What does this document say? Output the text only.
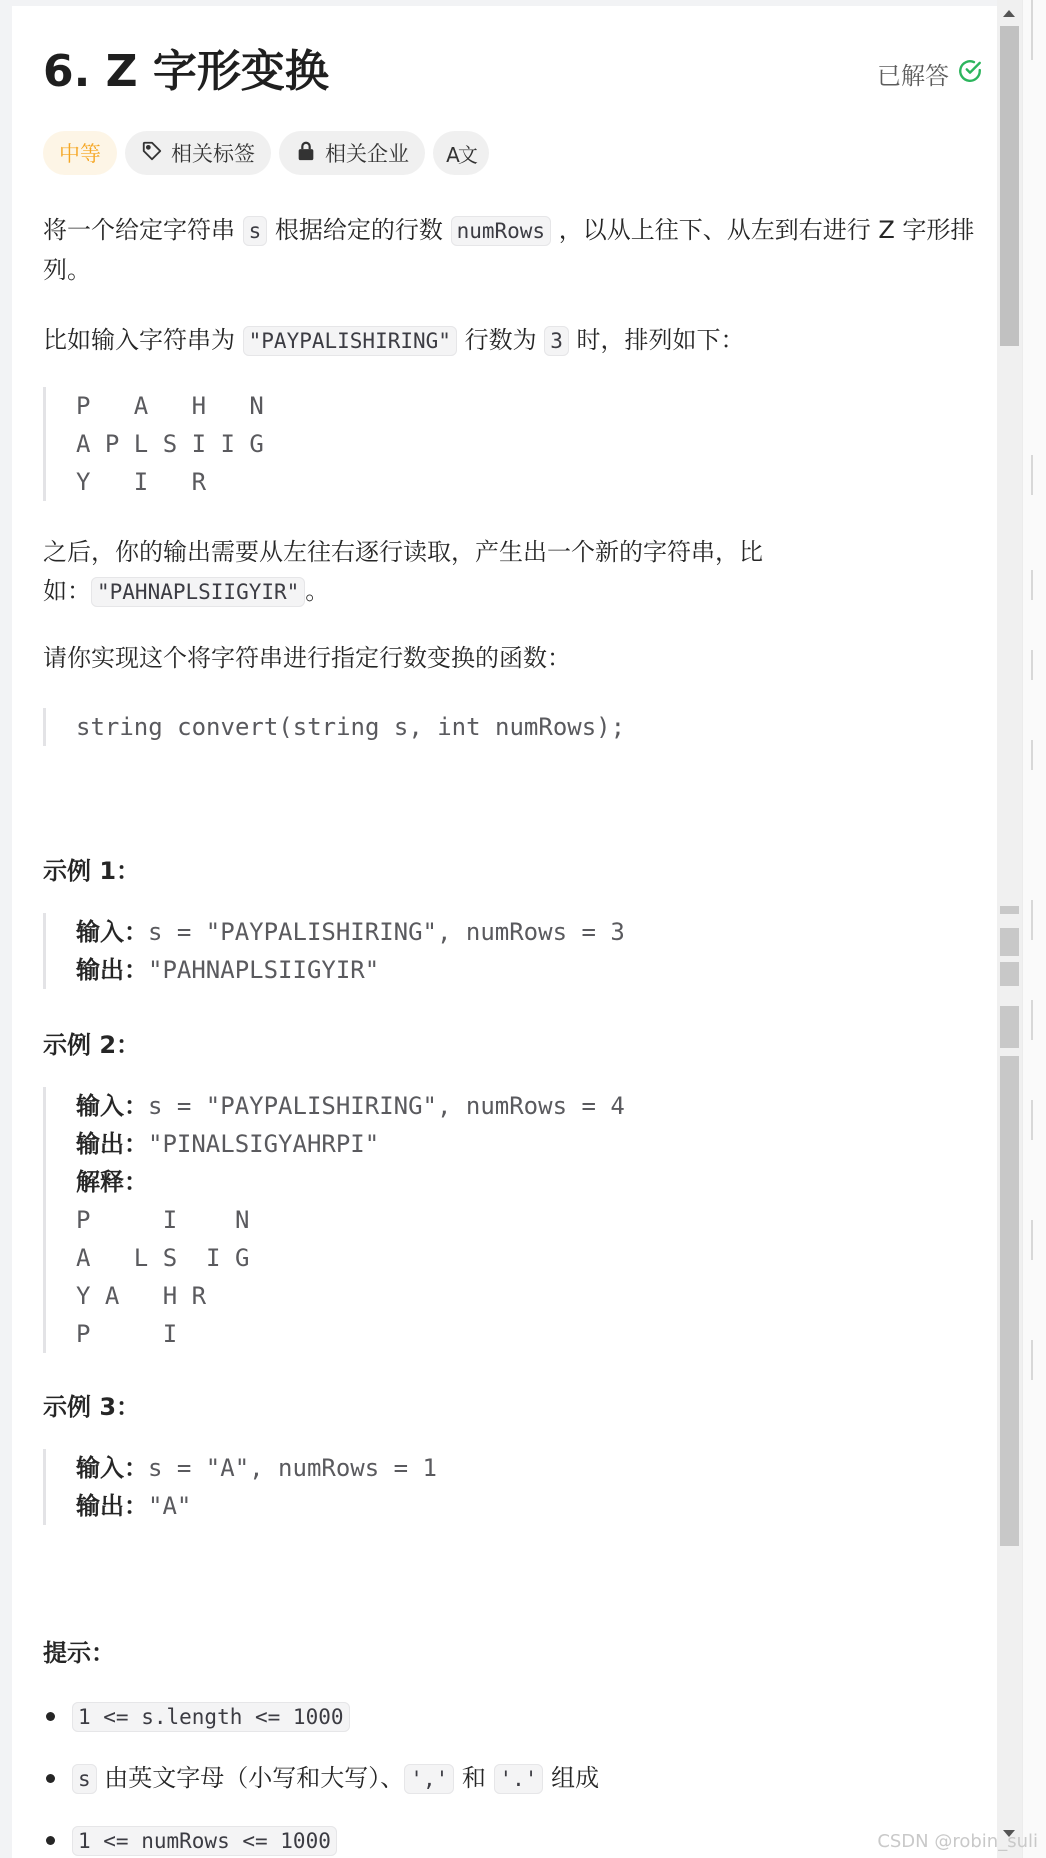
6. Z 字形变换	已解答
中等	相关标签	相关企业 A文
将一个给定字符串 s 根据给定的行数 numRows ，以从上往下、从左到右进行 Z 字形排列。
比如输入字符串为 "PAYPALISHIRING" 行数为 3 时，排列如下：
P   A   H   N
A P L S I I G
Y   I   R
之后，你的输出需要从左往右逐行读取，产生出一个新的字符串，比如： "PAHNAPLSIIGYIR" 。
请你实现这个将字符串进行指定行数变换的函数：
string convert(string s, int numRows);
示例 1：
输入：s = "PAYPALISHIRING", numRows = 3
输出："PAHNAPLSIIGYIR"
示例 2：
输入：s = "PAYPALISHIRING", numRows = 4
输出："PINALSIGYAHRPI"
解释：
P     I    N
A   L S  I G
Y A   H R
P     I
示例 3：
输入：s = "A", numRows = 1
输出："A"
提示：
1 <= s.length <= 1000
s 由英文字母（小写和大写）、 ',' 和 '.' 组成
1 <= numRows <= 1000	CSDN @robin_suli
